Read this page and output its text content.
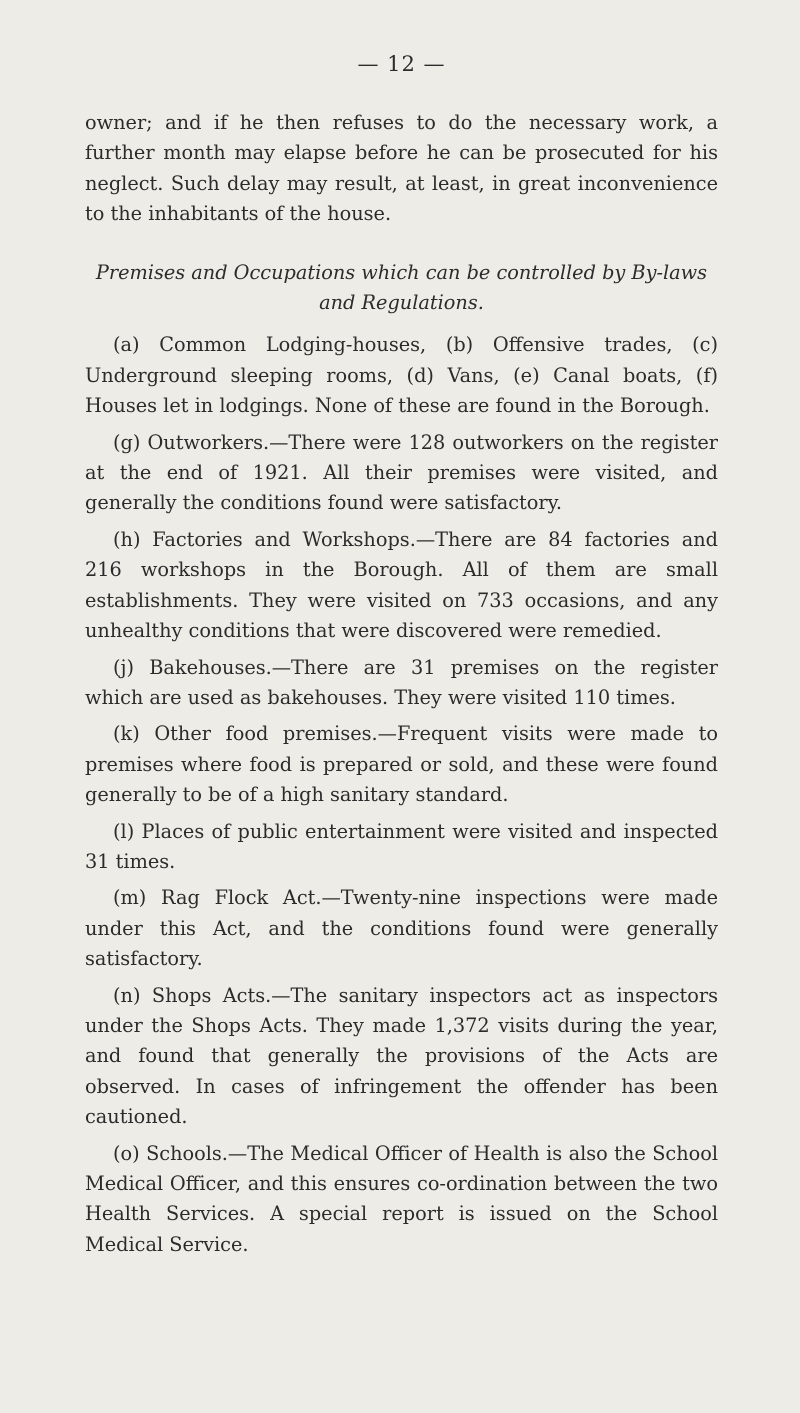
— 12 —

owner; and if he then refuses to do the necessary work, a further month may elapse before he can be prosecuted for his neglect. Such delay may result, at least, in great inconvenience to the inhabitants of the house.

Premises and Occupations which can be controlled by By-laws and Regulations.

(a) Common Lodging-houses, (b) Offensive trades, (c) Underground sleeping rooms, (d) Vans, (e) Canal boats, (f) Houses let in lodgings. None of these are found in the Borough.

(g) Outworkers.—There were 128 outworkers on the register at the end of 1921. All their premises were visited, and generally the conditions found were satisfactory.

(h) Factories and Workshops.—There are 84 factories and 216 workshops in the Borough. All of them are small establishments. They were visited on 733 occasions, and any unhealthy conditions that were discovered were remedied.

(j) Bakehouses.—There are 31 premises on the register which are used as bakehouses. They were visited 110 times.

(k) Other food premises.—Frequent visits were made to premises where food is prepared or sold, and these were found generally to be of a high sanitary standard.

(l) Places of public entertainment were visited and inspected 31 times.

(m) Rag Flock Act.—Twenty-nine inspections were made under this Act, and the conditions found were generally satisfactory.

(n) Shops Acts.—The sanitary inspectors act as inspectors under the Shops Acts. They made 1,372 visits during the year, and found that generally the provisions of the Acts are observed. In cases of infringement the offender has been cautioned.

(o) Schools.—The Medical Officer of Health is also the School Medical Officer, and this ensures co-ordination between the two Health Services. A special report is issued on the School Medical Service.
